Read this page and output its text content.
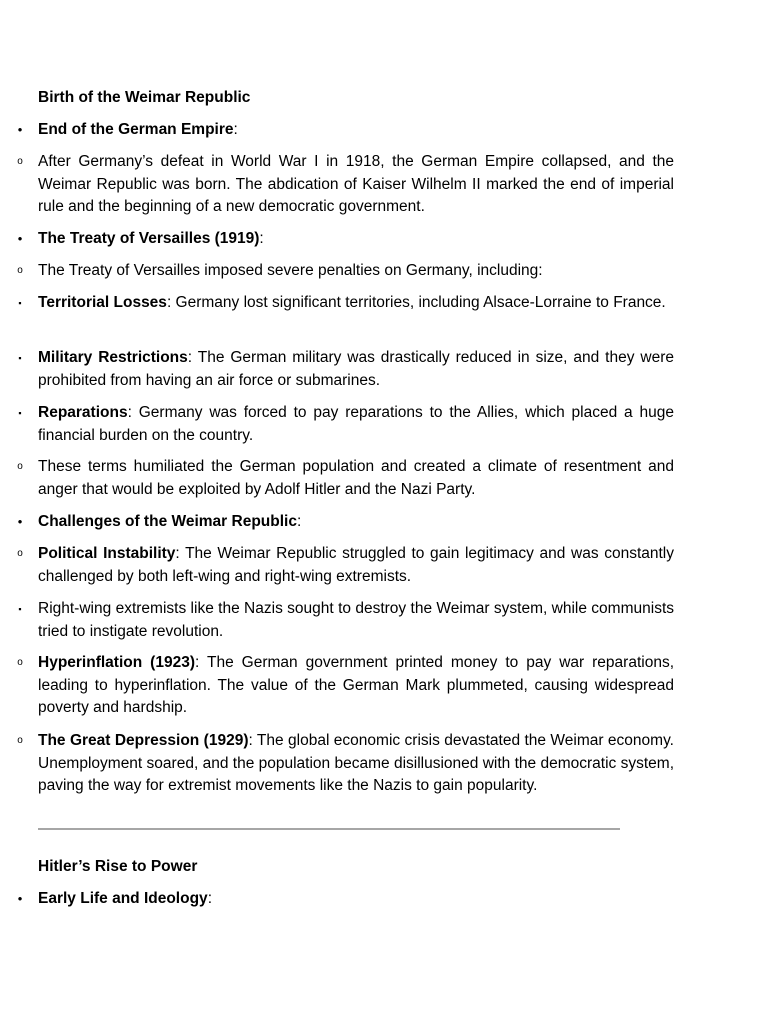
Birth of the Weimar Republic

•	End of the German Empire:

o After Germany’s defeat in World War I in 1918, the German Empire collapsed, and the Weimar Republic was born. The abdication of Kaiser Wilhelm II marked the end of imperial rule and the beginning of a new democratic government.

•	The Treaty of Versailles (1919):

o The Treaty of Versailles imposed severe penalties on Germany, including:

▪	Territorial Losses: Germany lost significant territories, including Alsace-Lorraine to France.

▪	Military Restrictions: The German military was drastically reduced in size, and they were prohibited from having an air force or submarines.

▪	Reparations: Germany was forced to pay reparations to the Allies, which placed a huge financial burden on the country.

o These terms humiliated the German population and created a climate of resentment and anger that would be exploited by Adolf Hitler and the Nazi Party.

•	Challenges of the Weimar Republic:

o Political Instability: The Weimar Republic struggled to gain legitimacy and was constantly challenged by both left-wing and right-wing extremists.

▪	Right-wing extremists like the Nazis sought to destroy the Weimar system, while communists tried to instigate revolution.

o Hyperinflation (1923): The German government printed money to pay war reparations, leading to hyperinflation. The value of the German Mark plummeted, causing widespread poverty and hardship.

o The Great Depression (1929): The global economic crisis devastated the Weimar economy. Unemployment soared, and the population became disillusioned with the democratic system, paving the way for extremist movements like the Nazis to gain popularity.

Hitler’s Rise to Power

•	Early Life and Ideology:
